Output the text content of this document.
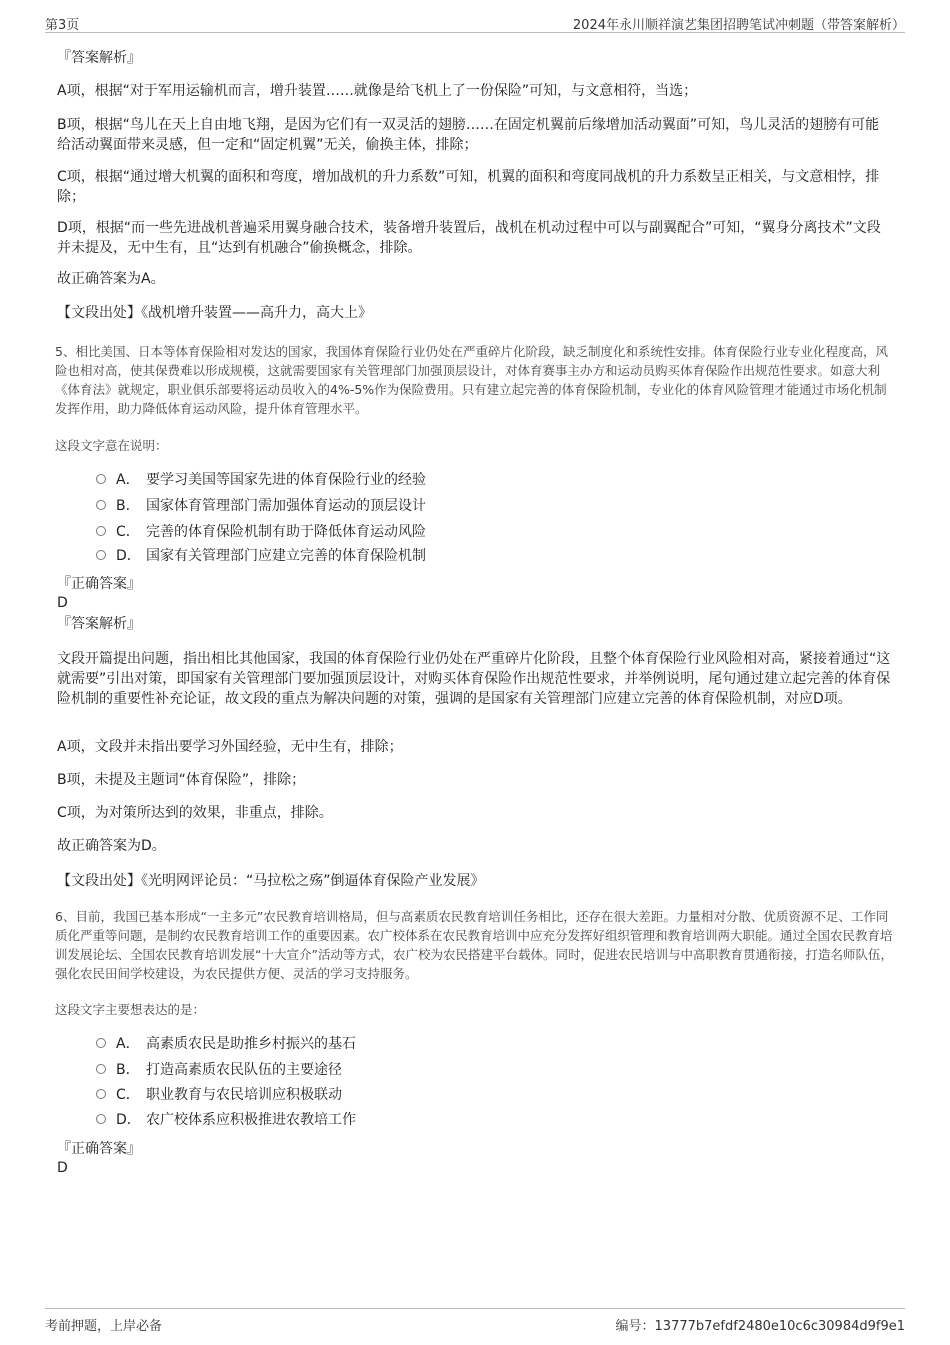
第3页	2024年永川顺祥演艺集团招聘笔试冲刺题（带答案解析）
『答案解析』

A项，根据“对于军用运输机而言，增升装置……就像是给飞机上了一份保险”可知，与文意相符，当选；

B项，根据“鸟儿在天上自由地飞翔，是因为它们有一双灵活的翅膀……在固定机翼前后缘增加活动翼面”可知，鸟儿灵活的翅膀有可能给活动翼面带来灵感，但一定和“固定机翼”无关，偷换主体，排除；

C项，根据“通过增大机翼的面积和弯度，增加战机的升力系数”可知，机翼的面积和弯度同战机的升力系数呈正相关，与文意相悖，排除；

D项，根据“而一些先进战机普遍采用翼身融合技术，装备增升装置后，战机在机动过程中可以与副翼配合”可知，“翼身分离技术”文段并未提及，无中生有，且“达到有机融合”偷换概念，排除。

故正确答案为A。

【文段出处】《战机增升装置——高升力，高大上》

5、相比美国、日本等体育保险相对发达的国家，我国体育保险行业仍处在严重碎片化阶段，缺乏制度化和系统性安排。体育保险行业专业化程度高，风险也相对高，使其保费难以形成规模，这就需要国家有关管理部门加强顶层设计，对体育赛事主办方和运动员购买体育保险作出规范性要求。如意大利《体育法》就规定，职业俱乐部要将运动员收入的4%-5%作为保险费用。只有建立起完善的体育保险机制，专业化的体育风险管理才能通过市场化机制发挥作用，助力降低体育运动风险，提升体育管理水平。

这段文字意在说明：

A． 要学习美国等国家先进的体育保险行业的经验
B． 国家体育管理部门需加强体育运动的顶层设计
C． 完善的体育保险机制有助于降低体育运动风险
D． 国家有关管理部门应建立完善的体育保险机制
『正确答案』
D
『答案解析』

文段开篇提出问题，指出相比其他国家，我国的体育保险行业仍处在严重碎片化阶段，且整个体育保险行业风险相对高，紧接着通过“这就需要”引出对策，即国家有关管理部门要加强顶层设计，对购买体育保险作出规范性要求，并举例说明，尾句通过建立起完善的体育保险机制的重要性补充论证，故文段的重点为解决问题的对策，强调的是国家有关管理部门应建立完善的体育保险机制，对应D项。

A项，文段并未指出要学习外国经验，无中生有，排除；

B项，未提及主题词“体育保险”，排除；

C项，为对策所达到的效果，非重点，排除。

故正确答案为D。

【文段出处】《光明网评论员：“马拉松之殇”倒逼体育保险产业发展》

6、目前，我国已基本形成“一主多元”农民教育培训格局，但与高素质农民教育培训任务相比，还存在很大差距。力量相对分散、优质资源不足、工作同质化严重等问题，是制约农民教育培训工作的重要因素。农广校体系在农民教育培训中应充分发挥好组织管理和教育培训两大职能。通过全国农民教育培训发展论坛、全国农民教育培训发展“十大宣介”活动等方式，农广校为农民搭建平台载体。同时，促进农民培训与中高职教育贯通衔接，打造名师队伍，强化农民田间学校建设，为农民提供方便、灵活的学习支持服务。

这段文字主要想表达的是：

A． 高素质农民是助推乡村振兴的基石
B． 打造高素质农民队伍的主要途径
C． 职业教育与农民培训应积极联动
D． 农广校体系应积极推进农教培工作
『正确答案』
D
考前押题，上岸必备	编号：13777b7efdf2480e10c6c30984d9f9e1
